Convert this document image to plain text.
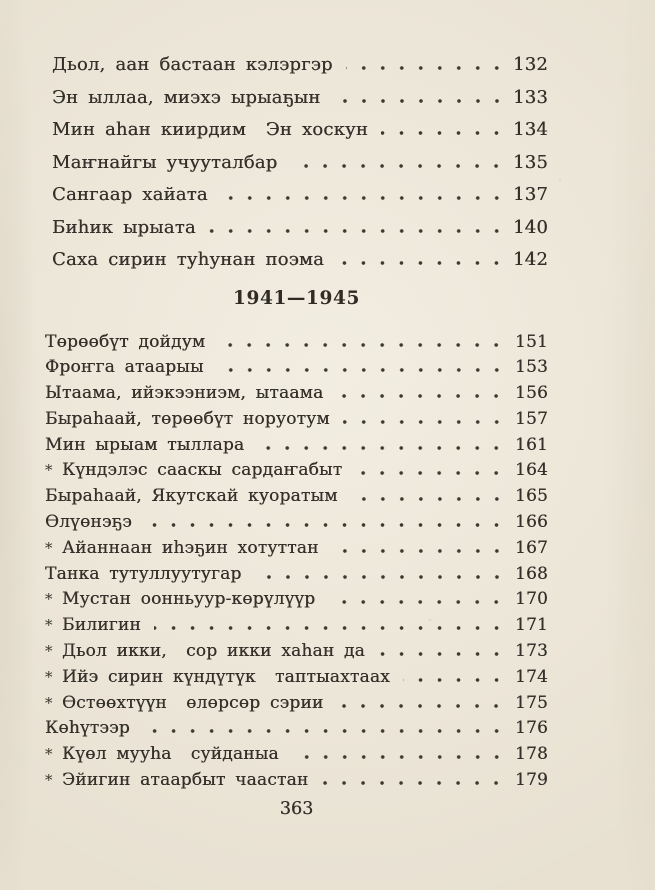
Дьол, аан бастаан кэлэргэр	132
Эн ыллаа, миэхэ ырыаҕын	133
Мин аһан киирдим  Эн хоскун	134
Маҥнайгы учууталбар	135
Сангаар хайата	137
Биһик ырыата	140
Саха сирин туһунан поэма	142
1941—1945
Төрөөбүт дойдум	151
Фроҥга атаарыы	153
Ытаама, ийэкээниэм, ытаама	156
Быраһаай, төрөөбүт норуотум	157
Мин ырыам тыллара	161
* Күндэлэс сааскы сардаҥабыт	164
Быраһаай, Якутскай куоратым	165
Өлүөнэҕэ	166
* Айаннаан иһэҕин хотуттан	167
Танка тутуллуутугар	168
* Мустан оонньуур-көрүлүүр	170
* Билигин	171
* Дьол икки,  сор икки хаһан да	173
* Ийэ сирин күндүтүк  таптыахтаах	174
* Өстөөхтүүн  өлөрсөр сэрии	175
Көһүтээр	176
* Күөл мууһа  суйданыа	178
* Эйигин атаарбыт чаастан	179
363
